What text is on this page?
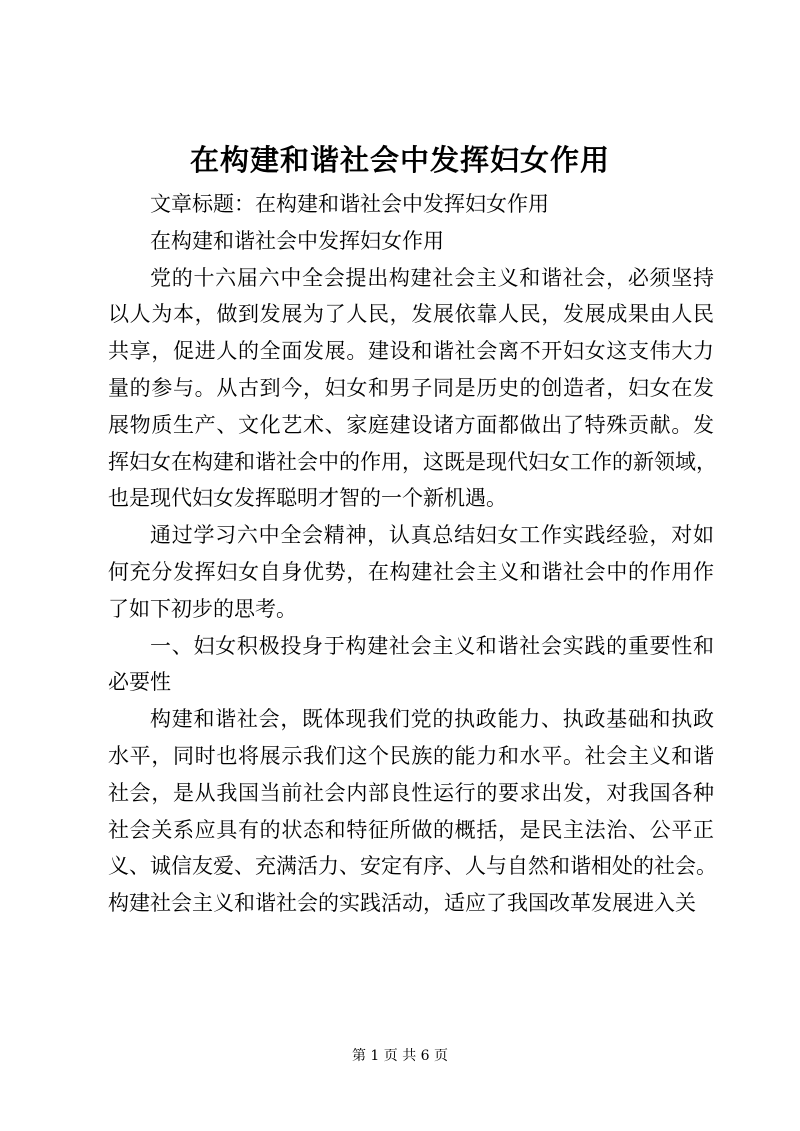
在构建和谐社会中发挥妇女作用
文章标题：在构建和谐社会中发挥妇女作用
在构建和谐社会中发挥妇女作用
党的十六届六中全会提出构建社会主义和谐社会，必须坚持
以人为本，做到发展为了人民，发展依靠人民，发展成果由人民
共享，促进人的全面发展。建设和谐社会离不开妇女这支伟大力
量的参与。从古到今，妇女和男子同是历史的创造者，妇女在发
展物质生产、文化艺术、家庭建设诸方面都做出了特殊贡献。发
挥妇女在构建和谐社会中的作用，这既是现代妇女工作的新领域，
也是现代妇女发挥聪明才智的一个新机遇。
通过学习六中全会精神，认真总结妇女工作实践经验，对如
何充分发挥妇女自身优势，在构建社会主义和谐社会中的作用作
了如下初步的思考。
一、妇女积极投身于构建社会主义和谐社会实践的重要性和
必要性
构建和谐社会，既体现我们党的执政能力、执政基础和执政
水平，同时也将展示我们这个民族的能力和水平。社会主义和谐
社会，是从我国当前社会内部良性运行的要求出发，对我国各种
社会关系应具有的状态和特征所做的概括，是民主法治、公平正
义、诚信友爱、充满活力、安定有序、人与自然和谐相处的社会。
构建社会主义和谐社会的实践活动，适应了我国改革发展进入关
第 1 页 共 6 页
